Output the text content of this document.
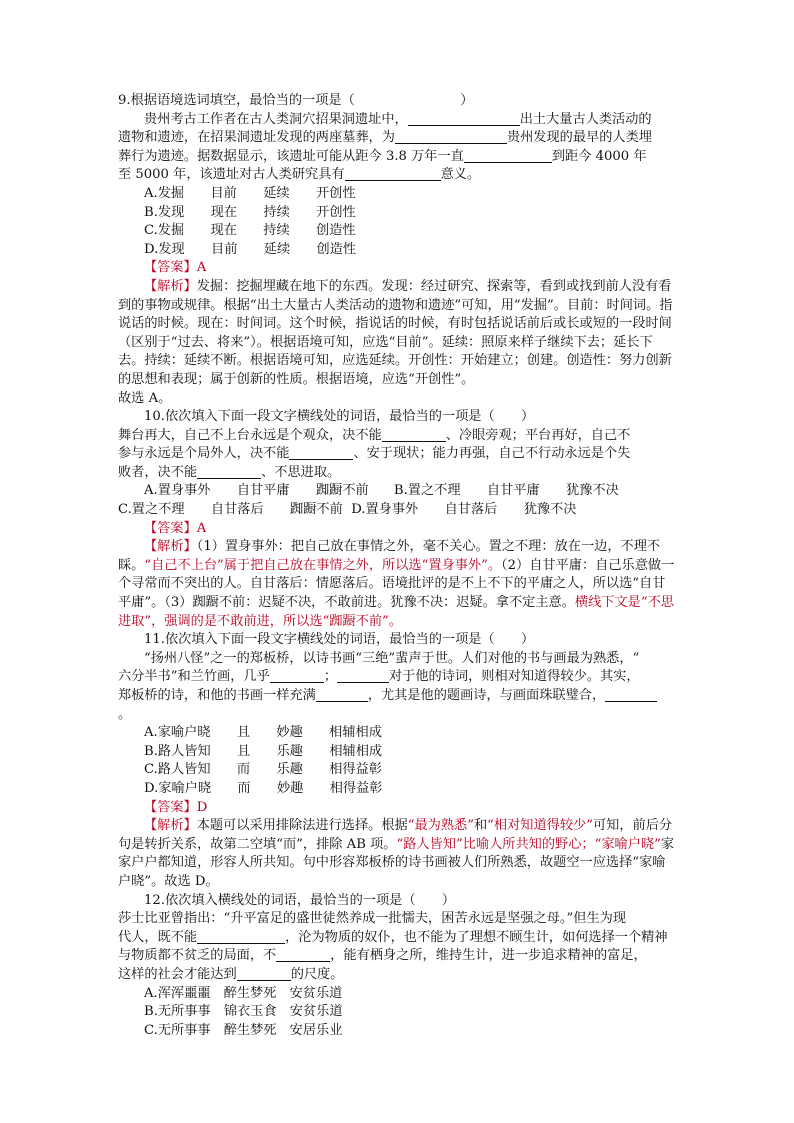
9.根据语境选词填空，最恰当的一项是（　　　　　　　　）

贵州考古工作者在古人类洞穴招果洞遗址中，	出土大量古人类活动的

遗物和遗迹，在招果洞遗址发现的两座墓葬，为	贵州发现的最早的人类埋

葬行为遗迹。据数据显示，该遗址可能从距今 3.8 万年一直	到距今 4000 年

至 5000 年，该遗址对古人类研究具有	意义。

A.发掘　　目前　　延续　　开创性

B.发现　　现在　　持续　　开创性

C.发掘　　现在　　持续　　创造性

D.发现　　目前　　延续　　创造性

【答案】A

【解析】发掘：挖掘埋藏在地下的东西。发现：经过研究、探索等，看到或找到前人没有看到的事物或规律。根据“出土大量古人类活动的遗物和遗迹”可知，用“发掘”。目前：时间词。指说话的时候。现在：时间词。这个时候，指说话的时候，有时包括说话前后或长或短的一段时间（区别于“过去、将来”）。根据语境可知，应选“目前”。延续：照原来样子继续下去；延长下去。持续：延续不断。根据语境可知，应选延续。开创性：开始建立；创建。创造性：努力创新的思想和表现；属于创新的性质。根据语境，应选“开创性”。

故选 A。

10.依次填入下面一段文字横线处的词语，最恰当的一项是（　　）

舞台再大，自己不上台永远是个观众，决不能	、冷眼旁观；平台再好，自己不

参与永远是个局外人，决不能	、安于现状；能力再强，自己不行动永远是个失

败者，决不能	、不思进取。

A.置身事外　　自甘平庸　　踟蹰不前 B.置之不理　　自甘平庸　　犹豫不决

C.置之不理　　自甘落后　　踟蹰不前 D.置身事外　　自甘落后　　犹豫不决

【答案】A

【解析】（1）置身事外：把自己放在事情之外，毫不关心。置之不理：放在一边，不理不睬。“自己不上台”属于把自己放在事情之外，所以选“置身事外”。（2）自甘平庸：自己乐意做一个寻常而不突出的人。自甘落后：情愿落后。语境批评的是不上不下的平庸之人，所以选“自甘平庸”。（3）踟蹰不前：迟疑不决，不敢前进。犹豫不决：迟疑。拿不定主意。横线下文是“不思进取”，强调的是不敢前进，所以选“踟蹰不前”。

11.依次填入下面一段文字横线处的词语，最恰当的一项是（　　）

“扬州八怪”之一的郑板桥，以诗书画“三绝”蜚声于世。人们对他的书与画最为熟悉，“

六分半书”和兰竹画，几乎	；	对于他的诗词，则相对知道得较少。其实，

郑板桥的诗，和他的书画一样充满	，尤其是他的题画诗，与画面珠联璧合，

。

A.家喻户晓　　且　　妙趣　　相辅相成

B.路人皆知　　且　　乐趣　　相辅相成

C.路人皆知　　而　　乐趣　　相得益彰

D.家喻户晓　　而　　妙趣　　相得益彰

【答案】D

【解析】本题可以采用排除法进行选择。根据“最为熟悉”和“相对知道得较少”可知，前后分句是转折关系，故第二空填“而”，排除 AB 项。“路人皆知”比喻人所共知的野心；“家喻户晓”家家户户都知道，形容人所共知。句中形容郑板桥的诗书画被人们所熟悉，故题空一应选择“家喻户晓”。故选 D。

12.依次填入横线处的词语，最恰当的一项是（　　）

莎士比亚曾指出：“升平富足的盛世徒然养成一批懦夫，困苦永远是坚强之母。”但生为现

代人，既不能	，沦为物质的奴仆，也不能为了理想不顾生计，如何选择一个精神

与物质都不贫乏的局面，不	，能有栖身之所，维持生计，进一步追求精神的富足，

这样的社会才能达到	的尺度。

A.浑浑噩噩　醉生梦死　安贫乐道

B.无所事事　锦衣玉食　安贫乐道

C.无所事事　醉生梦死　安居乐业
